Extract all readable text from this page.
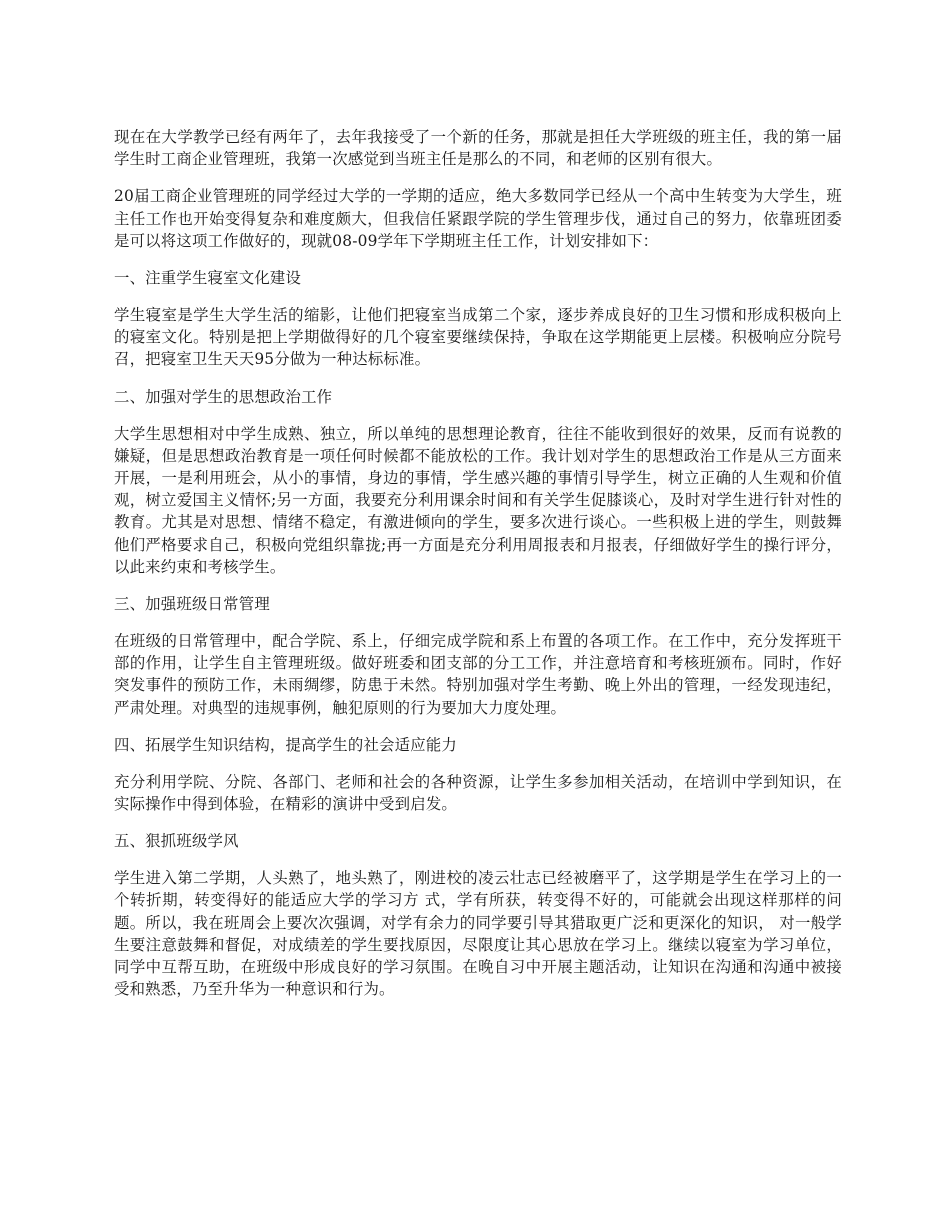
现在在大学教学已经有两年了，去年我接受了一个新的任务，那就是担任大学班级的班主任，我的第一届学生时工商企业管理班，我第一次感觉到当班主任是那么的不同，和老师的区别有很大。

20届工商企业管理班的同学经过大学的一学期的适应，绝大多数同学已经从一个高中生转变为大学生，班主任工作也开始变得复杂和难度颇大，但我信任紧跟学院的学生管理步伐，通过自己的努力，依靠班团委是可以将这项工作做好的，现就08-09学年下学期班主任工作，计划安排如下：

一、注重学生寝室文化建设

学生寝室是学生大学生活的缩影，让他们把寝室当成第二个家，逐步养成良好的卫生习惯和形成积极向上的寝室文化。特别是把上学期做得好的几个寝室要继续保持，争取在这学期能更上层楼。积极响应分院号召，把寝室卫生天天95分做为一种达标标准。

二、加强对学生的思想政治工作

大学生思想相对中学生成熟、独立，所以单纯的思想理论教育，往往不能收到很好的效果，反而有说教的嫌疑，但是思想政治教育是一项任何时候都不能放松的工作。我计划对学生的思想政治工作是从三方面来开展，一是利用班会，从小的事情，身边的事情，学生感兴趣的事情引导学生，树立正确的人生观和价值观，树立爱国主义情怀;另一方面，我要充分利用课余时间和有关学生促膝谈心，及时对学生进行针对性的教育。尤其是对思想、情绪不稳定，有激进倾向的学生，要多次进行谈心。一些积极上进的学生，则鼓舞他们严格要求自己，积极向党组织靠拢;再一方面是充分利用周报表和月报表，仔细做好学生的操行评分，以此来约束和考核学生。

三、加强班级日常管理

在班级的日常管理中，配合学院、系上，仔细完成学院和系上布置的各项工作。在工作中，充分发挥班干部的作用，让学生自主管理班级。做好班委和团支部的分工工作，并注意培育和考核班颁布。同时，作好突发事件的预防工作，未雨绸缪，防患于未然。特别加强对学生考勤、晚上外出的管理，一经发现违纪，严肃处理。对典型的违规事例，触犯原则的行为要加大力度处理。

四、拓展学生知识结构，提高学生的社会适应能力

充分利用学院、分院、各部门、老师和社会的各种资源，让学生多参加相关活动，在培训中学到知识，在实际操作中得到体验，在精彩的演讲中受到启发。

五、狠抓班级学风

学生进入第二学期，人头熟了，地头熟了，刚进校的凌云壮志已经被磨平了，这学期是学生在学习上的一个转折期，转变得好的能适应大学的学习方 式，学有所获，转变得不好的，可能就会出现这样那样的问题。所以，我在班周会上要次次强调，对学有余力的同学要引导其猎取更广泛和更深化的知识， 对一般学生要注意鼓舞和督促，对成绩差的学生要找原因，尽限度让其心思放在学习上。继续以寝室为学习单位，同学中互帮互助，在班级中形成良好的学习氛围。在晚自习中开展主题活动，让知识在沟通和沟通中被接受和熟悉，乃至升华为一种意识和行为。
